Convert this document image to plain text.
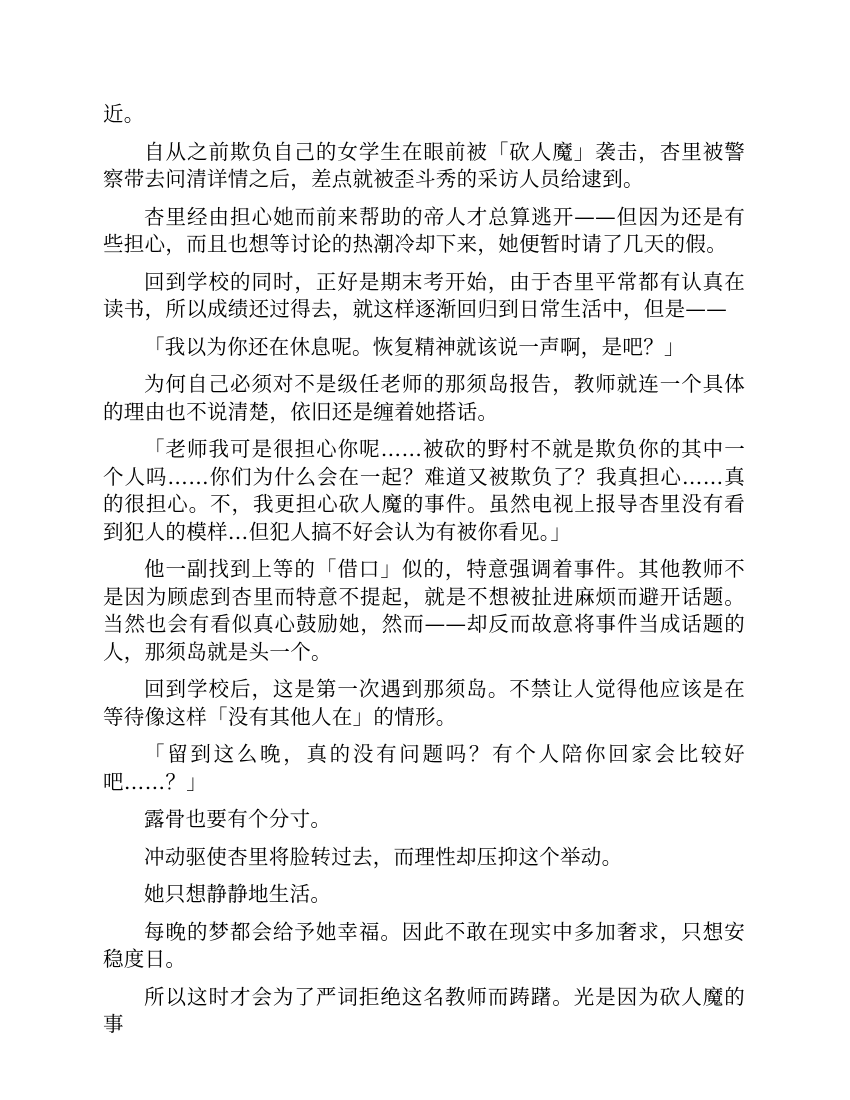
近。

自从之前欺负自己的女学生在眼前被「砍人魔」袭击，杏里被警察带去问清详情之后，差点就被歪斗秀的采访人员给逮到。

杏里经由担心她而前来帮助的帝人才总算逃开——但因为还是有些担心，而且也想等讨论的热潮冷却下来，她便暂时请了几天的假。

回到学校的同时，正好是期末考开始，由于杏里平常都有认真在读书，所以成绩还过得去，就这样逐渐回归到日常生活中，但是——

「我以为你还在休息呢。恢复精神就该说一声啊，是吧？」

为何自己必须对不是级任老师的那须岛报告，教师就连一个具体的理由也不说清楚，依旧还是缠着她搭话。

「老师我可是很担心你呢……被砍的野村不就是欺负你的其中一个人吗……你们为什么会在一起？难道又被欺负了？我真担心……真的很担心。不，我更担心砍人魔的事件。虽然电视上报导杏里没有看到犯人的模样…但犯人搞不好会认为有被你看见。」

他一副找到上等的「借口」似的，特意强调着事件。其他教师不是因为顾虑到杏里而特意不提起，就是不想被扯进麻烦而避开话题。当然也会有看似真心鼓励她，然而——却反而故意将事件当成话题的人，那须岛就是头一个。

回到学校后，这是第一次遇到那须岛。不禁让人觉得他应该是在等待像这样「没有其他人在」的情形。

「留到这么晚，真的没有问题吗？有个人陪你回家会比较好吧……？」

露骨也要有个分寸。

冲动驱使杏里将脸转过去，而理性却压抑这个举动。

她只想静静地生活。

每晚的梦都会给予她幸福。因此不敢在现实中多加奢求，只想安稳度日。

所以这时才会为了严词拒绝这名教师而踌躇。光是因为砍人魔的事
